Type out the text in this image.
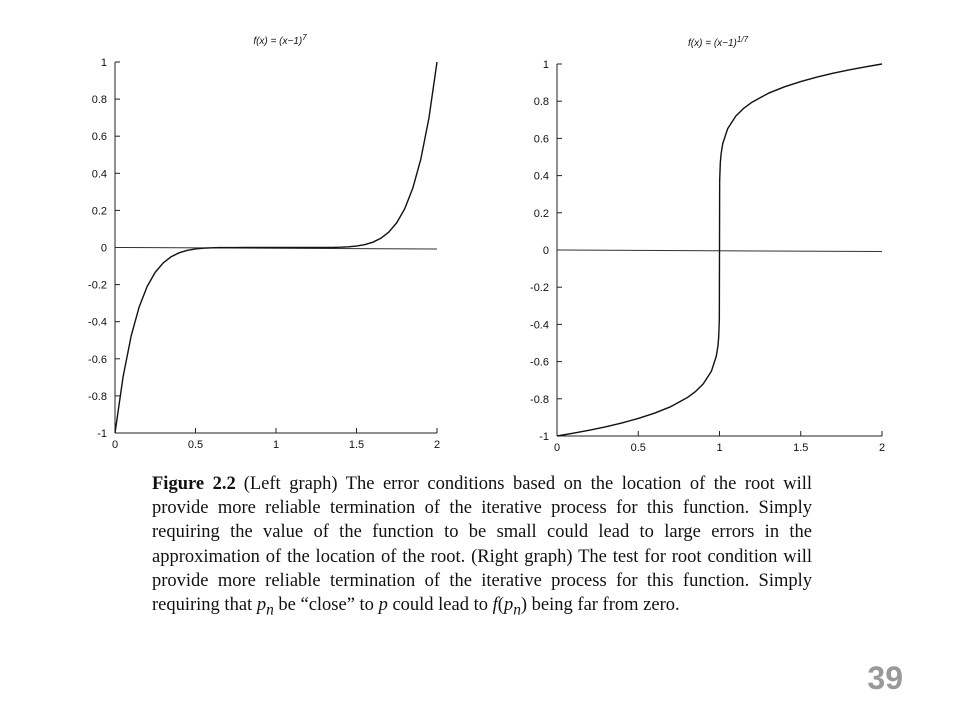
1
0.8
0.6
0.4
0.2
0
-0.2
-0.4
-0.6
-0.8
-1
0	0.5	1	1.5	2
$f(x) = (x-1)^7$
1
0.8
0.6
0.4
0.2
0
-0.2
-0.4
-0.6
-0.8
-1
0	0.5	1	1.5	2
$f(x) = (x-1)^{1/7}$
Figure 2.2 (Left graph) The error conditions based on the location of the root will provide more reliable termination of the iterative process for this function. Simply requiring the value of the function to be small could lead to large errors in the approximation of the location of the root. (Right graph) The test for root condition will provide more reliable termination of the iterative process for this function. Simply requiring that $p_n$ be “close” to p could lead to $f(p_n)$ being far from zero.
39
